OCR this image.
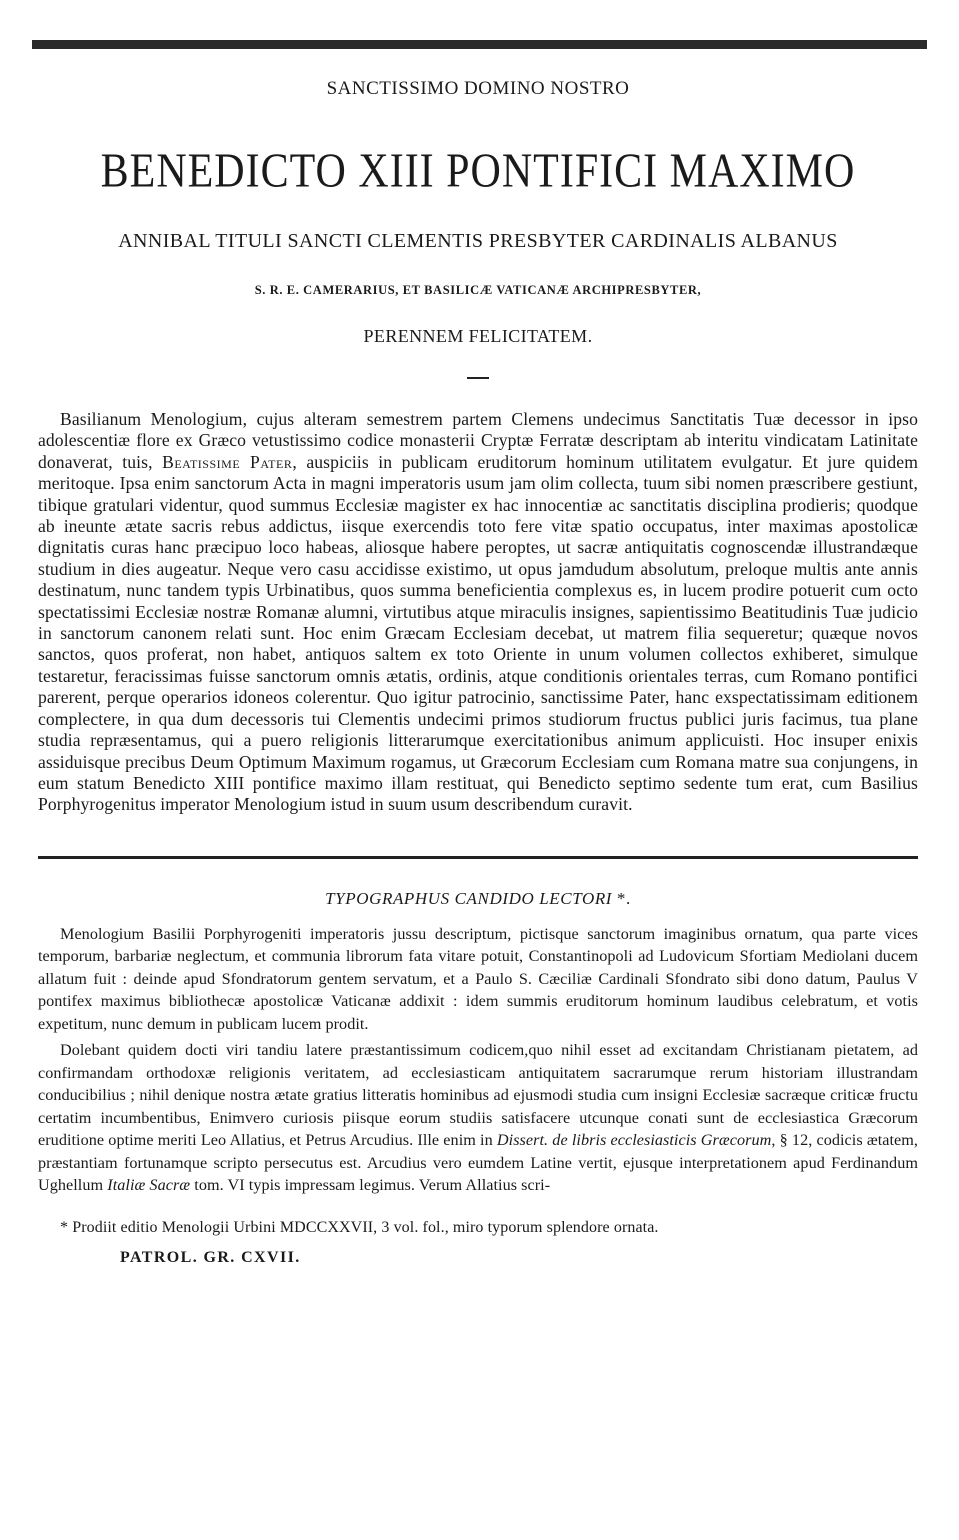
SANCTISSIMO DOMINO NOSTRO

BENEDICTO XIII PONTIFICI MAXIMO

ANNIBAL TITULI SANCTI CLEMENTIS PRESBYTER CARDINALIS ALBANUS

S. R. E. CAMERARIUS, ET BASILICÆ VATICANÆ ARCHIPRESBYTER,

PERENNEM FELICITATEM.

Basilianum Menologium, cujus alteram semestrem partem Clemens undecimus Sanctitatis Tuæ decessor in ipso adolescentiæ flore ex Græco vetustissimo codice monasterii Cryptæ Ferratæ descriptam ab interitu vindicatam Latinitate donaverat, tuis, Beatissime Pater, auspiciis in publicam eruditorum hominum utilitatem evulgatur. Et jure quidem meritoque. Ipsa enim sanctorum Acta in magni imperatoris usum jam olim collecta, tuum sibi nomen præscribere gestiunt, tibique gratulari videntur, quod summus Ecclesiæ magister ex hac innocentiæ ac sanctitatis disciplina prodieris; quodque ab ineunte ætate sacris rebus addictus, iisque exercendis toto fere vitæ spatio occupatus, inter maximas apostolicæ dignitatis curas hanc præcipuo loco habeas, aliosque habere peroptes, ut sacræ antiquitatis cognoscendæ illustrandæque studium in dies augeatur. Neque vero casu accidisse existimo, ut opus jamdudum absolutum, preloque multis ante annis destinatum, nunc tandem typis Urbinatibus, quos summa beneficientia complexus es, in lucem prodire potuerit cum octo spectatissimi Ecclesiæ nostræ Romanæ alumni, virtutibus atque miraculis insignes, sapientissimo Beatitudinis Tuæ judicio in sanctorum canonem relati sunt. Hoc enim Græcam Ecclesiam decebat, ut matrem filia sequeretur; quæque novos sanctos, quos proferat, non habet, antiquos saltem ex toto Oriente in unum volumen collectos exhiberet, simulque testaretur, feracissimas fuisse sanctorum omnis ætatis, ordinis, atque conditionis orientales terras, cum Romano pontifici parerent, perque operarios idoneos colerentur. Quo igitur patrocinio, sanctissime Pater, hanc exspectatissimam editionem complectere, in qua dum decessoris tui Clementis undecimi primos studiorum fructus publici juris facimus, tua plane studia repræsentamus, qui a puero religionis litterarumque exercitationibus animum applicuisti. Hoc insuper enixis assiduisque precibus Deum Optimum Maximum rogamus, ut Græcorum Ecclesiam cum Romana matre sua conjungens, in eum statum Benedicto XIII pontifice maximo illam restituat, qui Benedicto septimo sedente tum erat, cum Basilius Porphyrogenitus imperator Menologium istud in suum usum describendum curavit.

TYPOGRAPHUS CANDIDO LECTORI *.

Menologium Basilii Porphyrogeniti imperatoris jussu descriptum, pictisque sanctorum imaginibus ornatum, qua parte vices temporum, barbariæ neglectum, et communia librorum fata vitare potuit, Constantinopoli ad Ludovicum Sfortiam Mediolani ducem allatum fuit : deinde apud Sfondratorum gentem servatum, et a Paulo S. Cæciliæ Cardinali Sfondrato sibi dono datum, Paulus V pontifex maximus bibliothecæ apostolicæ Vaticanæ addixit : idem summis eruditorum hominum laudibus celebratum, et votis expetitum, nunc demum in publicam lucem prodit.

Dolebant quidem docti viri tandiu latere præstantissimum codicem,quo nihil esset ad excitandam Christianam pietatem, ad confirmandam orthodoxæ religionis veritatem, ad ecclesiasticam antiquitatem sacrarumque rerum historiam illustrandam conducibilius ; nihil denique nostra ætate gratius litteratis hominibus ad ejusmodi studia cum insigni Ecclesiæ sacræque criticæ fructu certatim incumbentibus, Enimvero curiosis piisque eorum studiis satisfacere utcunque conati sunt de ecclesiastica Græcorum eruditione optime meriti Leo Allatius, et Petrus Arcudius. Ille enim in Dissert. de libris ecclesiasticis Græcorum, § 12, codicis ætatem, præstantiam fortunamque scripto persecutus est. Arcudius vero eumdem Latine vertit, ejusque interpretationem apud Ferdinandum Ughellum Italiæ Sacræ tom. VI typis impressam legimus. Verum Allatius scri-

* Prodiit editio Menologii Urbini MDCCXXVII, 3 vol. fol., miro typorum splendore ornata.

PATROL. GR. CXVII.
